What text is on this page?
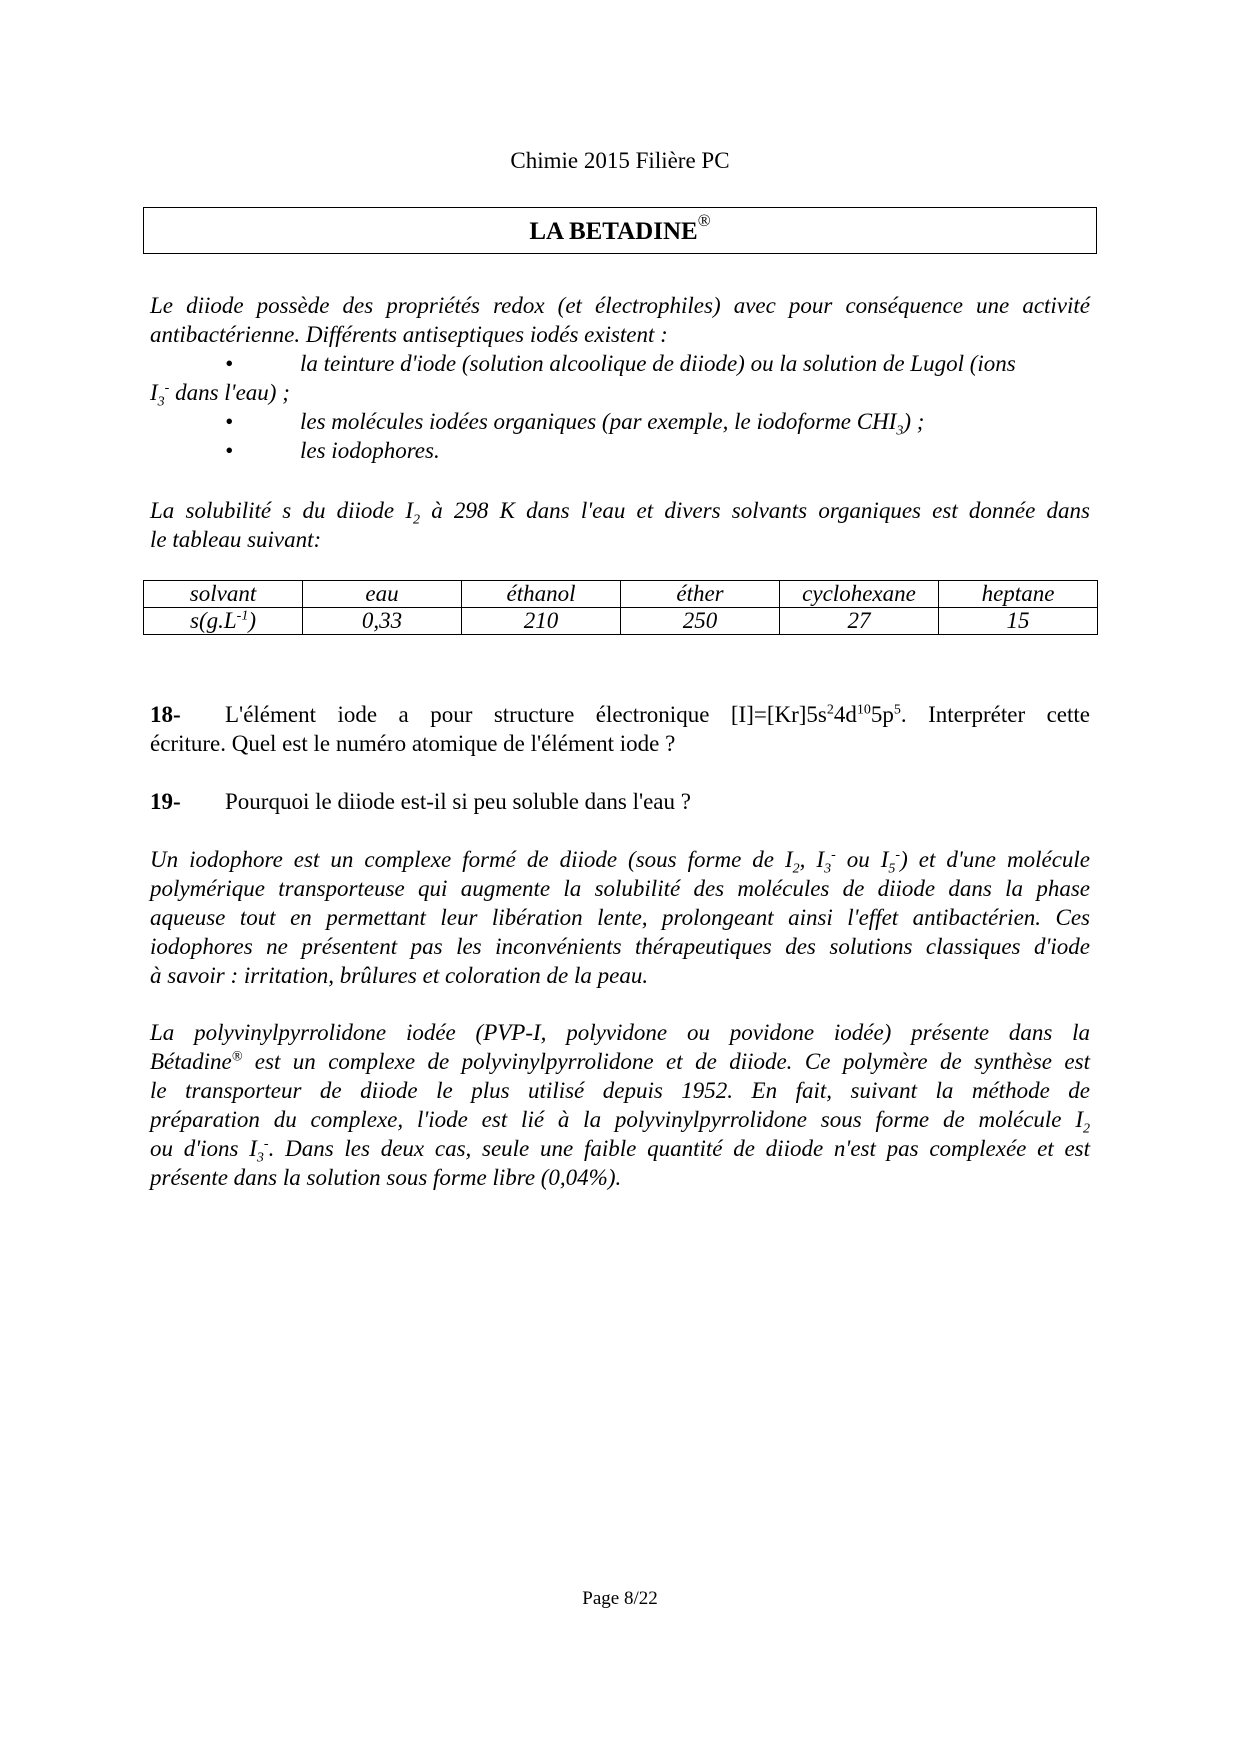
Chimie 2015 Filière PC
LA BETADINE®
Le diiode possède des propriétés redox (et électrophiles) avec pour conséquence une activité
antibactérienne. Différents antiseptiques iodés existent :
•	la teinture d'iode (solution alcoolique de diiode) ou la solution de Lugol (ions
$I_3^-$ dans l'eau) ;
•	les molécules iodées organiques (par exemple, le iodoforme $CHI_3$) ;
•	les iodophores.
La solubilité s du diiode $I_2$ à 298 K dans l'eau et divers solvants organiques est donnée dans
le tableau suivant:
solvant	eau	éthanol	éther	cyclohexane	heptane
$s(g.L^{-1})$	0,33	210	250	27	15
18- L'élément iode a pour structure électronique $[I]=[Kr]5s^24d^{10}5p^5$. Interpréter cette
écriture. Quel est le numéro atomique de l'élément iode ?
19- Pourquoi le diiode est-il si peu soluble dans l'eau ?
Un iodophore est un complexe formé de diiode (sous forme de $I_2$, $I_3^-$ ou $I_5^-$) et d'une molécule
polymérique transporteuse qui augmente la solubilité des molécules de diiode dans la phase
aqueuse tout en permettant leur libération lente, prolongeant ainsi l'effet antibactérien. Ces
iodophores ne présentent pas les inconvénients thérapeutiques des solutions classiques d'iode
à savoir : irritation, brûlures et coloration de la peau.
La polyvinylpyrrolidone iodée (PVP-I, polyvidone ou povidone iodée) présente dans la
Bétadine® est un complexe de polyvinylpyrrolidone et de diiode. Ce polymère de synthèse est
le transporteur de diiode le plus utilisé depuis 1952. En fait, suivant la méthode de
préparation du complexe, l'iode est lié à la polyvinylpyrrolidone sous forme de molécule $I_2$
ou d'ions $I_3^-$. Dans les deux cas, seule une faible quantité de diiode n'est pas complexée et est
présente dans la solution sous forme libre (0,04%).
Page 8/22
